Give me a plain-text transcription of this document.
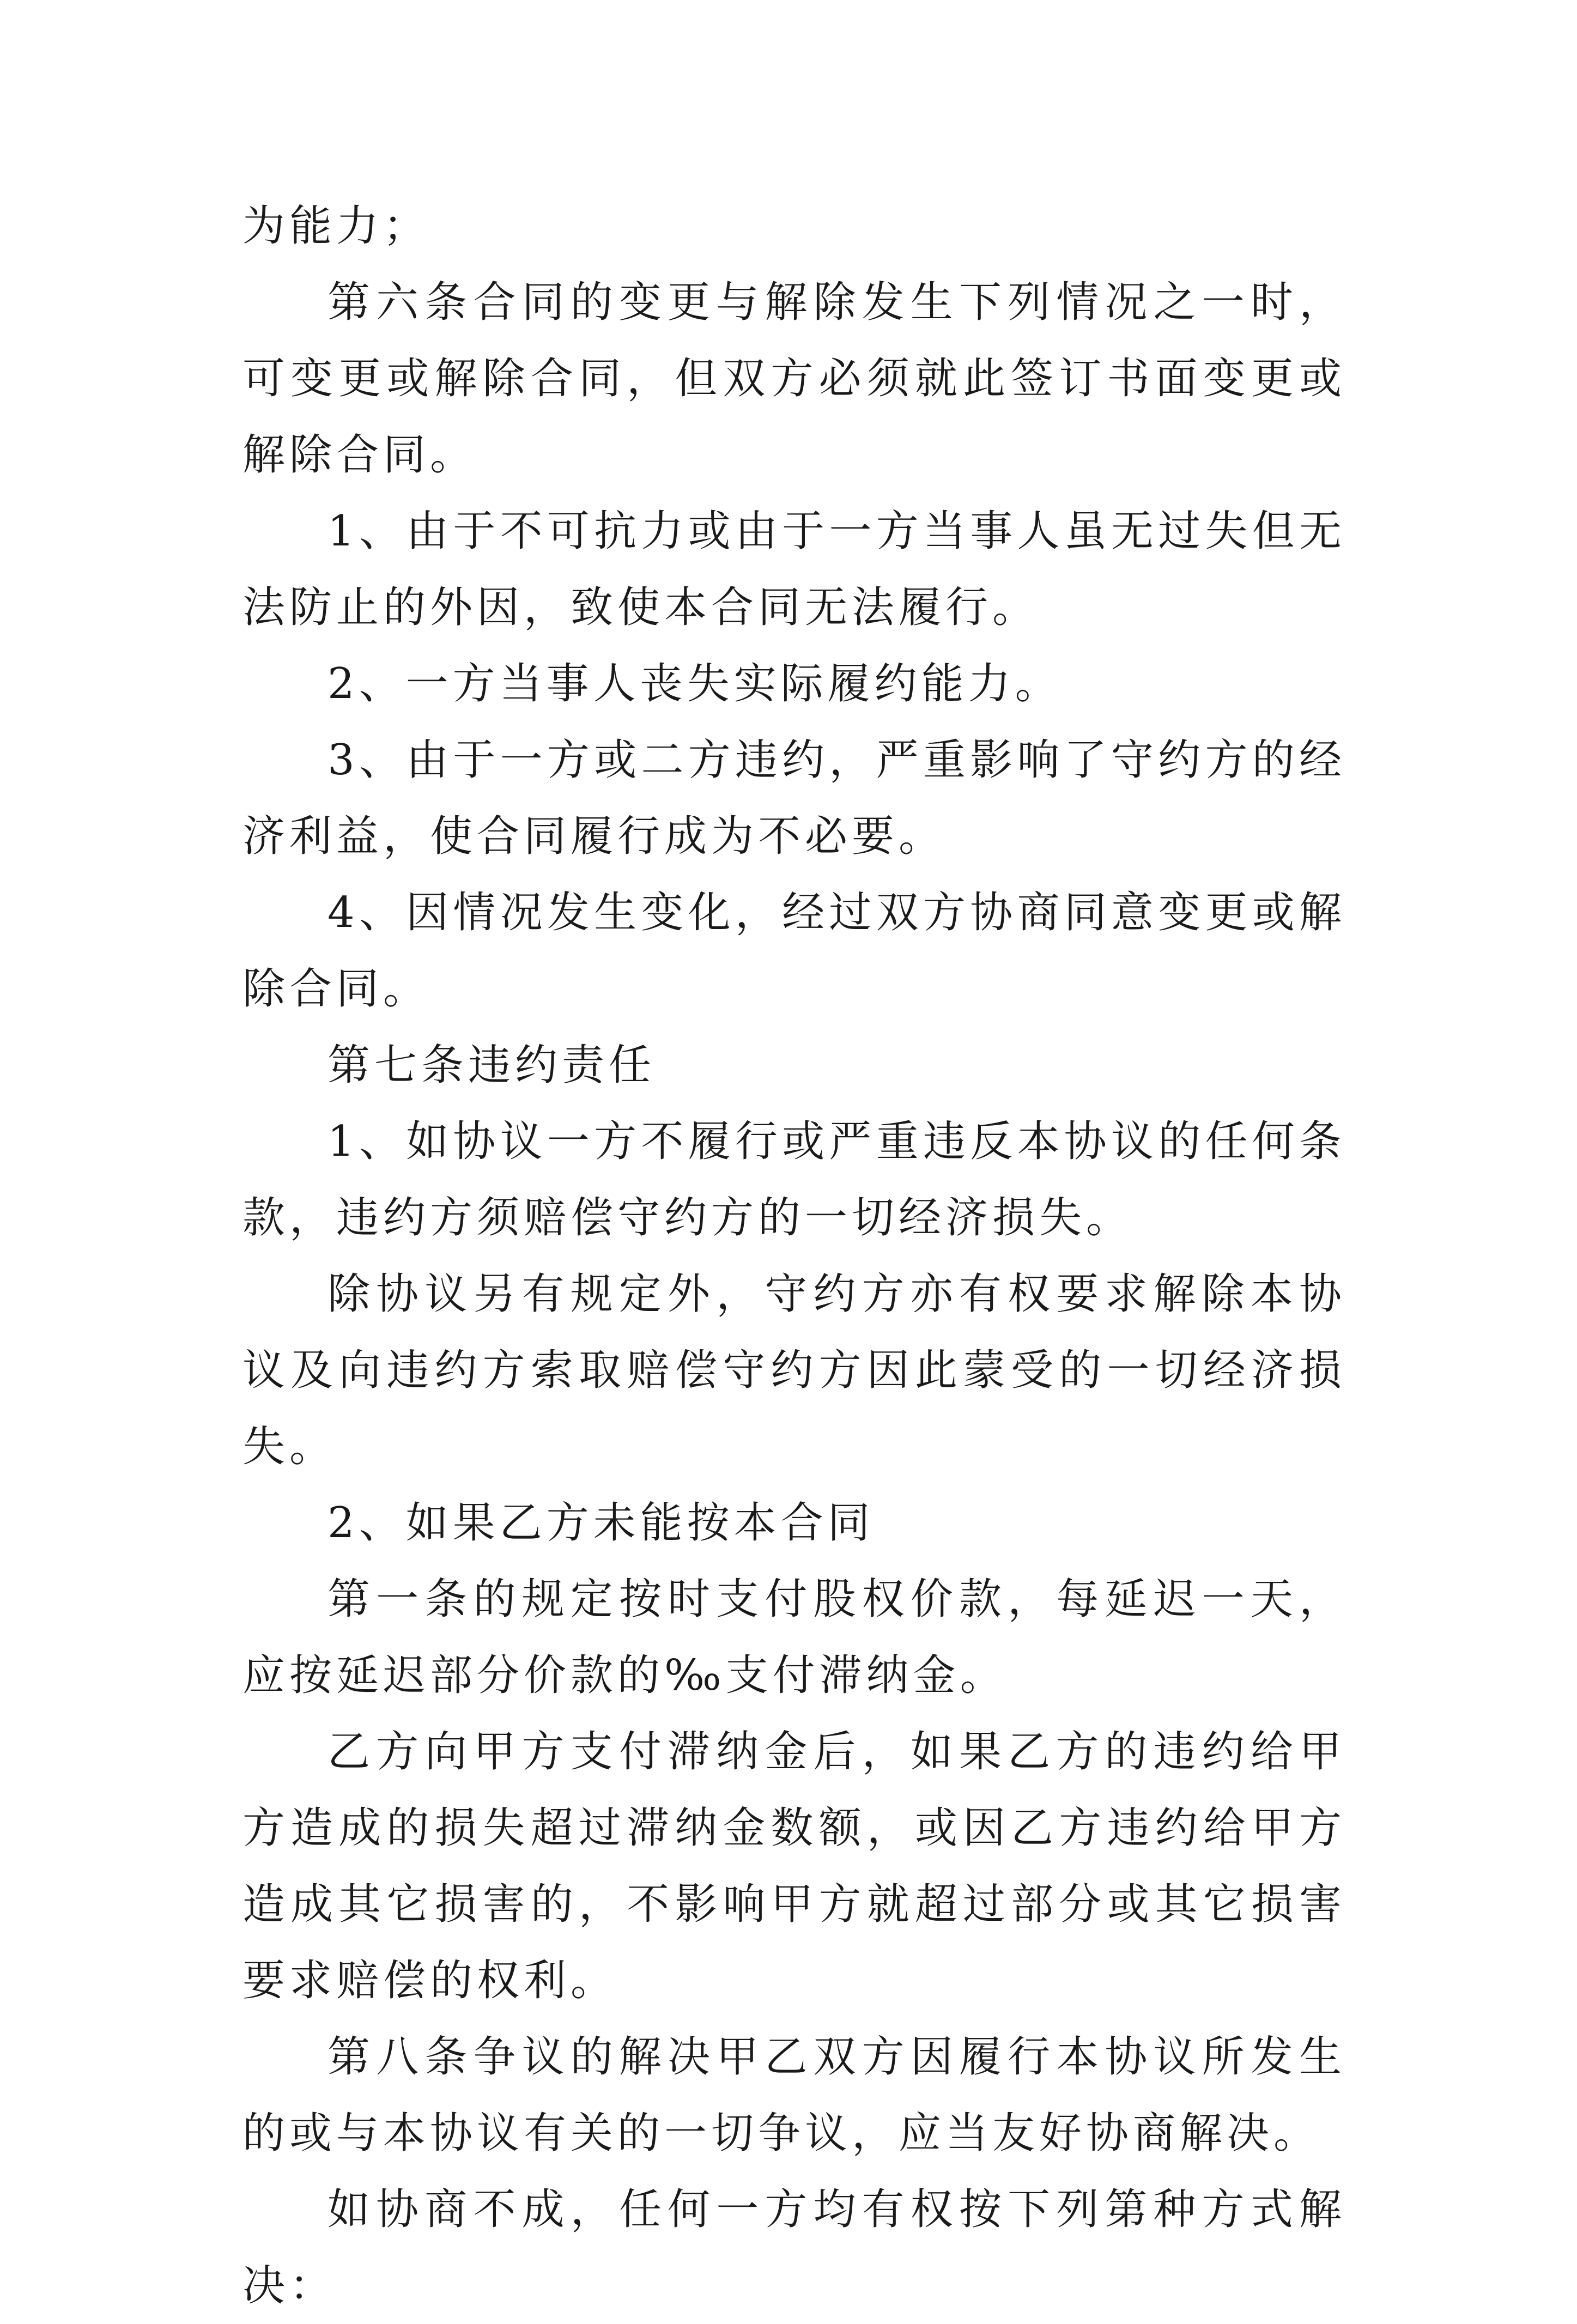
为能力；

第六条合同的变更与解除发生下列情况之一时，可变更或解除合同，但双方必须就此签订书面变更或解除合同。

1、由于不可抗力或由于一方当事人虽无过失但无法防止的外因，致使本合同无法履行。

2、一方当事人丧失实际履约能力。

3、由于一方或二方违约，严重影响了守约方的经济利益，使合同履行成为不必要。

4、因情况发生变化，经过双方协商同意变更或解除合同。

第七条违约责任

1、如协议一方不履行或严重违反本协议的任何条款，违约方须赔偿守约方的一切经济损失。

除协议另有规定外，守约方亦有权要求解除本协议及向违约方索取赔偿守约方因此蒙受的一切经济损失。

2、如果乙方未能按本合同

第一条的规定按时支付股权价款，每延迟一天，应按延迟部分价款的‰支付滞纳金。

乙方向甲方支付滞纳金后，如果乙方的违约给甲方造成的损失超过滞纳金数额，或因乙方违约给甲方造成其它损害的，不影响甲方就超过部分或其它损害要求赔偿的权利。

第八条争议的解决甲乙双方因履行本协议所发生的或与本协议有关的一切争议，应当友好协商解决。

如协商不成，任何一方均有权按下列第种方式解决：
